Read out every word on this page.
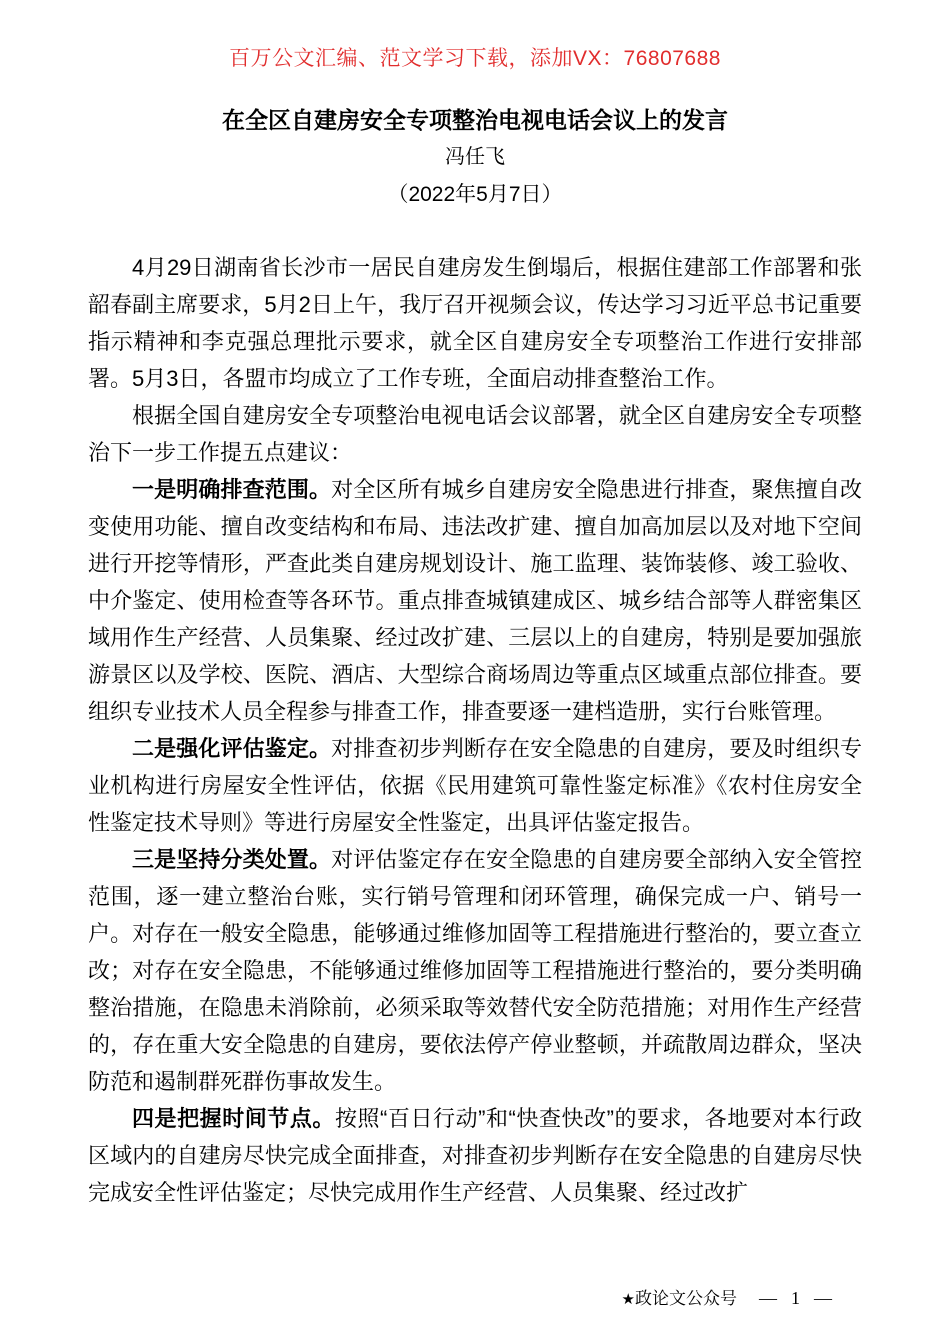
百万公文汇编、范文学习下载，添加VX：76807688
在全区自建房安全专项整治电视电话会议上的发言
冯任飞
（2022年5月7日）

4月29日湖南省长沙市一居民自建房发生倒塌后，根据住建部工作部署和张韶春副主席要求，5月2日上午，我厅召开视频会议，传达学习习近平总书记重要指示精神和李克强总理批示要求，就全区自建房安全专项整治工作进行安排部署。5月3日，各盟市均成立了工作专班，全面启动排查整治工作。

根据全国自建房安全专项整治电视电话会议部署，就全区自建房安全专项整治下一步工作提五点建议：

一是明确排查范围。对全区所有城乡自建房安全隐患进行排查，聚焦擅自改变使用功能、擅自改变结构和布局、违法改扩建、擅自加高加层以及对地下空间进行开挖等情形，严查此类自建房规划设计、施工监理、装饰装修、竣工验收、中介鉴定、使用检查等各环节。重点排查城镇建成区、城乡结合部等人群密集区域用作生产经营、人员集聚、经过改扩建、三层以上的自建房，特别是要加强旅游景区以及学校、医院、酒店、大型综合商场周边等重点区域重点部位排查。要组织专业技术人员全程参与排查工作，排查要逐一建档造册，实行台账管理。

二是强化评估鉴定。对排查初步判断存在安全隐患的自建房，要及时组织专业机构进行房屋安全性评估，依据《民用建筑可靠性鉴定标准》《农村住房安全性鉴定技术导则》等进行房屋安全性鉴定，出具评估鉴定报告。

三是坚持分类处置。对评估鉴定存在安全隐患的自建房要全部纳入安全管控范围，逐一建立整治台账，实行销号管理和闭环管理，确保完成一户、销号一户。对存在一般安全隐患，能够通过维修加固等工程措施进行整治的，要立查立改；对存在安全隐患，不能够通过维修加固等工程措施进行整治的，要分类明确整治措施，在隐患未消除前，必须采取等效替代安全防范措施；对用作生产经营的，存在重大安全隐患的自建房，要依法停产停业整顿，并疏散周边群众，坚决防范和遏制群死群伤事故发生。

四是把握时间节点。按照“百日行动”和“快查快改”的要求，各地要对本行政区域内的自建房尽快完成全面排查，对排查初步判断存在安全隐患的自建房尽快完成安全性评估鉴定；尽快完成用作生产经营、人员集聚、经过改扩

★政论文公众号 — 1 —
